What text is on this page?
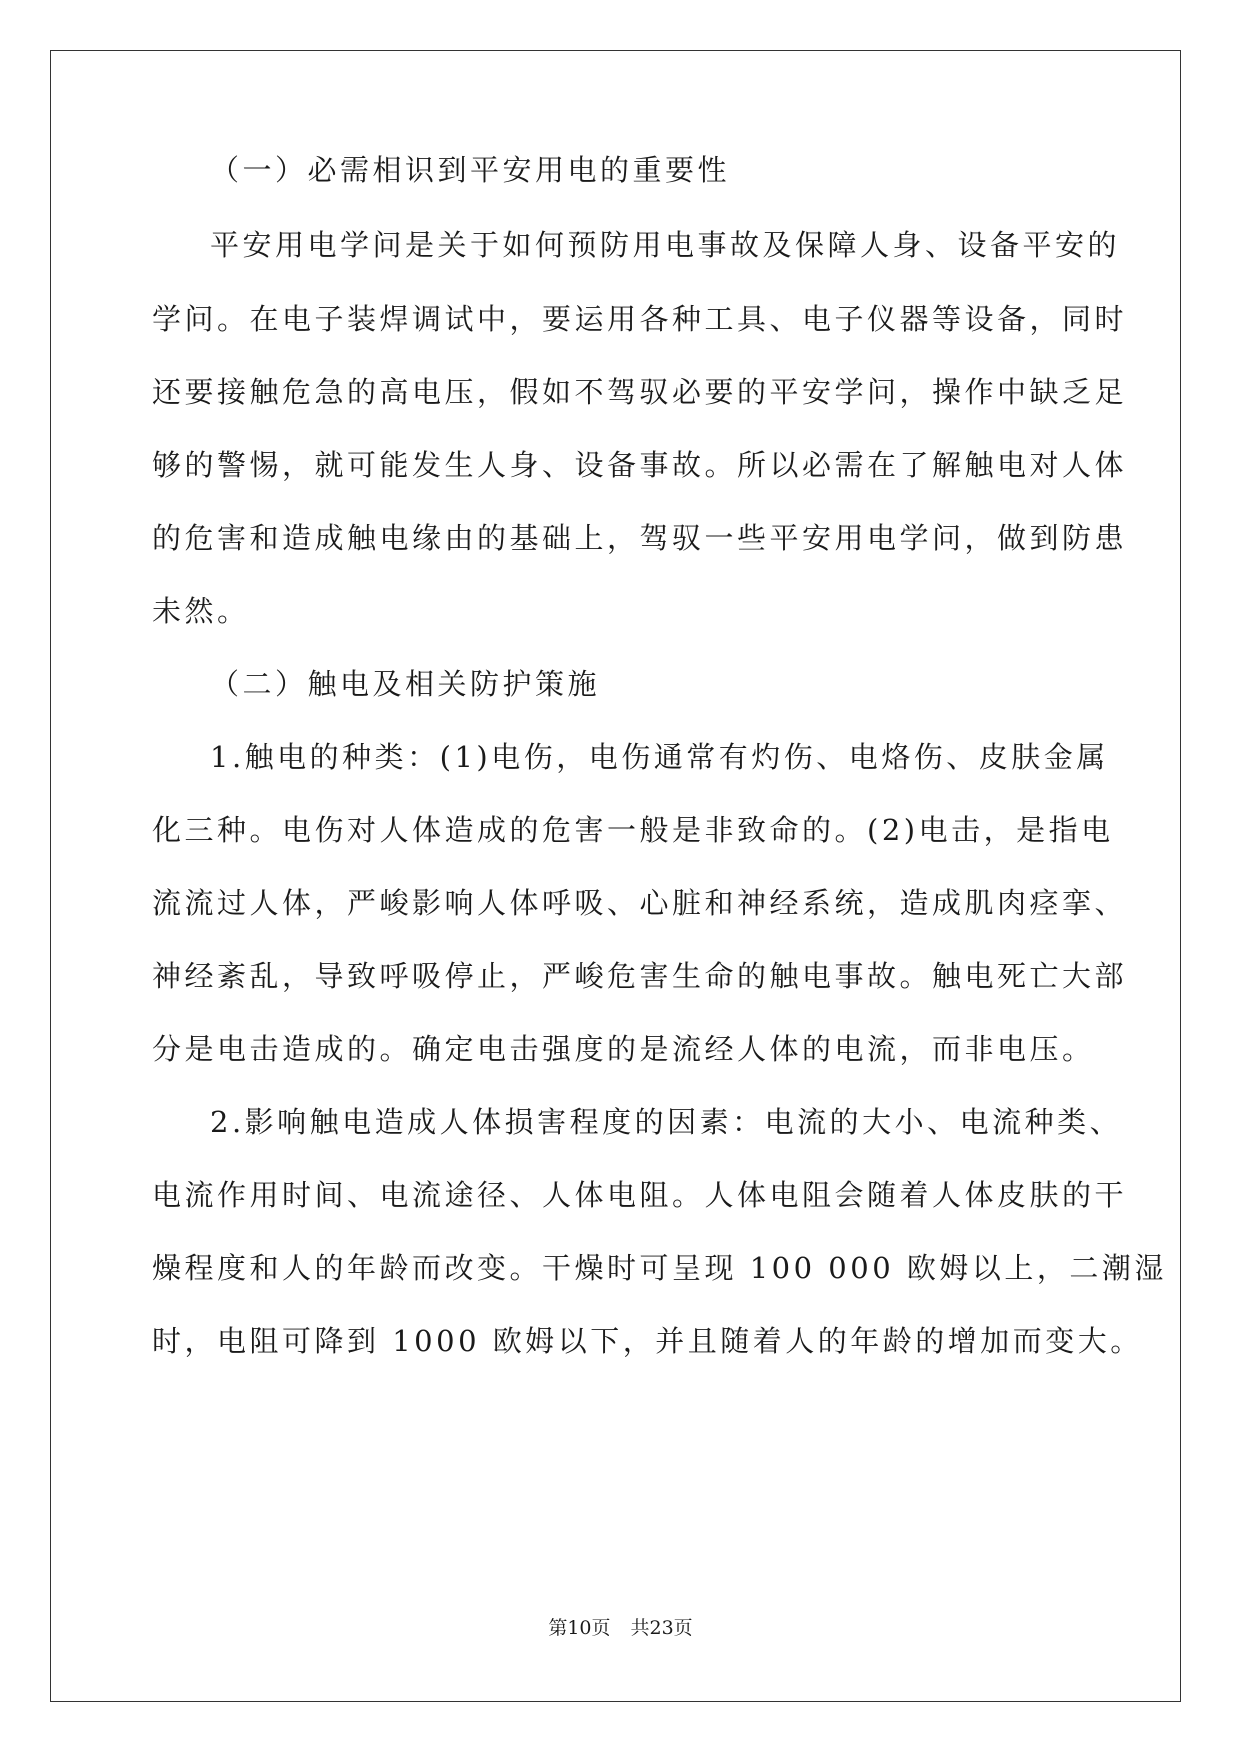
（一）必需相识到平安用电的重要性
平安用电学问是关于如何预防用电事故及保障人身、设备平安的
学问。在电子装焊调试中，要运用各种工具、电子仪器等设备，同时
还要接触危急的高电压，假如不驾驭必要的平安学问，操作中缺乏足
够的警惕，就可能发生人身、设备事故。所以必需在了解触电对人体
的危害和造成触电缘由的基础上，驾驭一些平安用电学问，做到防患
未然。
（二）触电及相关防护策施
1.触电的种类：(1)电伤，电伤通常有灼伤、电烙伤、皮肤金属
化三种。电伤对人体造成的危害一般是非致命的。(2)电击，是指电
流流过人体，严峻影响人体呼吸、心脏和神经系统，造成肌肉痉挛、
神经紊乱，导致呼吸停止，严峻危害生命的触电事故。触电死亡大部
分是电击造成的。确定电击强度的是流经人体的电流，而非电压。
2.影响触电造成人体损害程度的因素：电流的大小、电流种类、
电流作用时间、电流途径、人体电阻。人体电阻会随着人体皮肤的干
燥程度和人的年龄而改变。干燥时可呈现 100 000 欧姆以上，二潮湿
时，电阻可降到 1000 欧姆以下，并且随着人的年龄的增加而变大。
第10页 共23页
